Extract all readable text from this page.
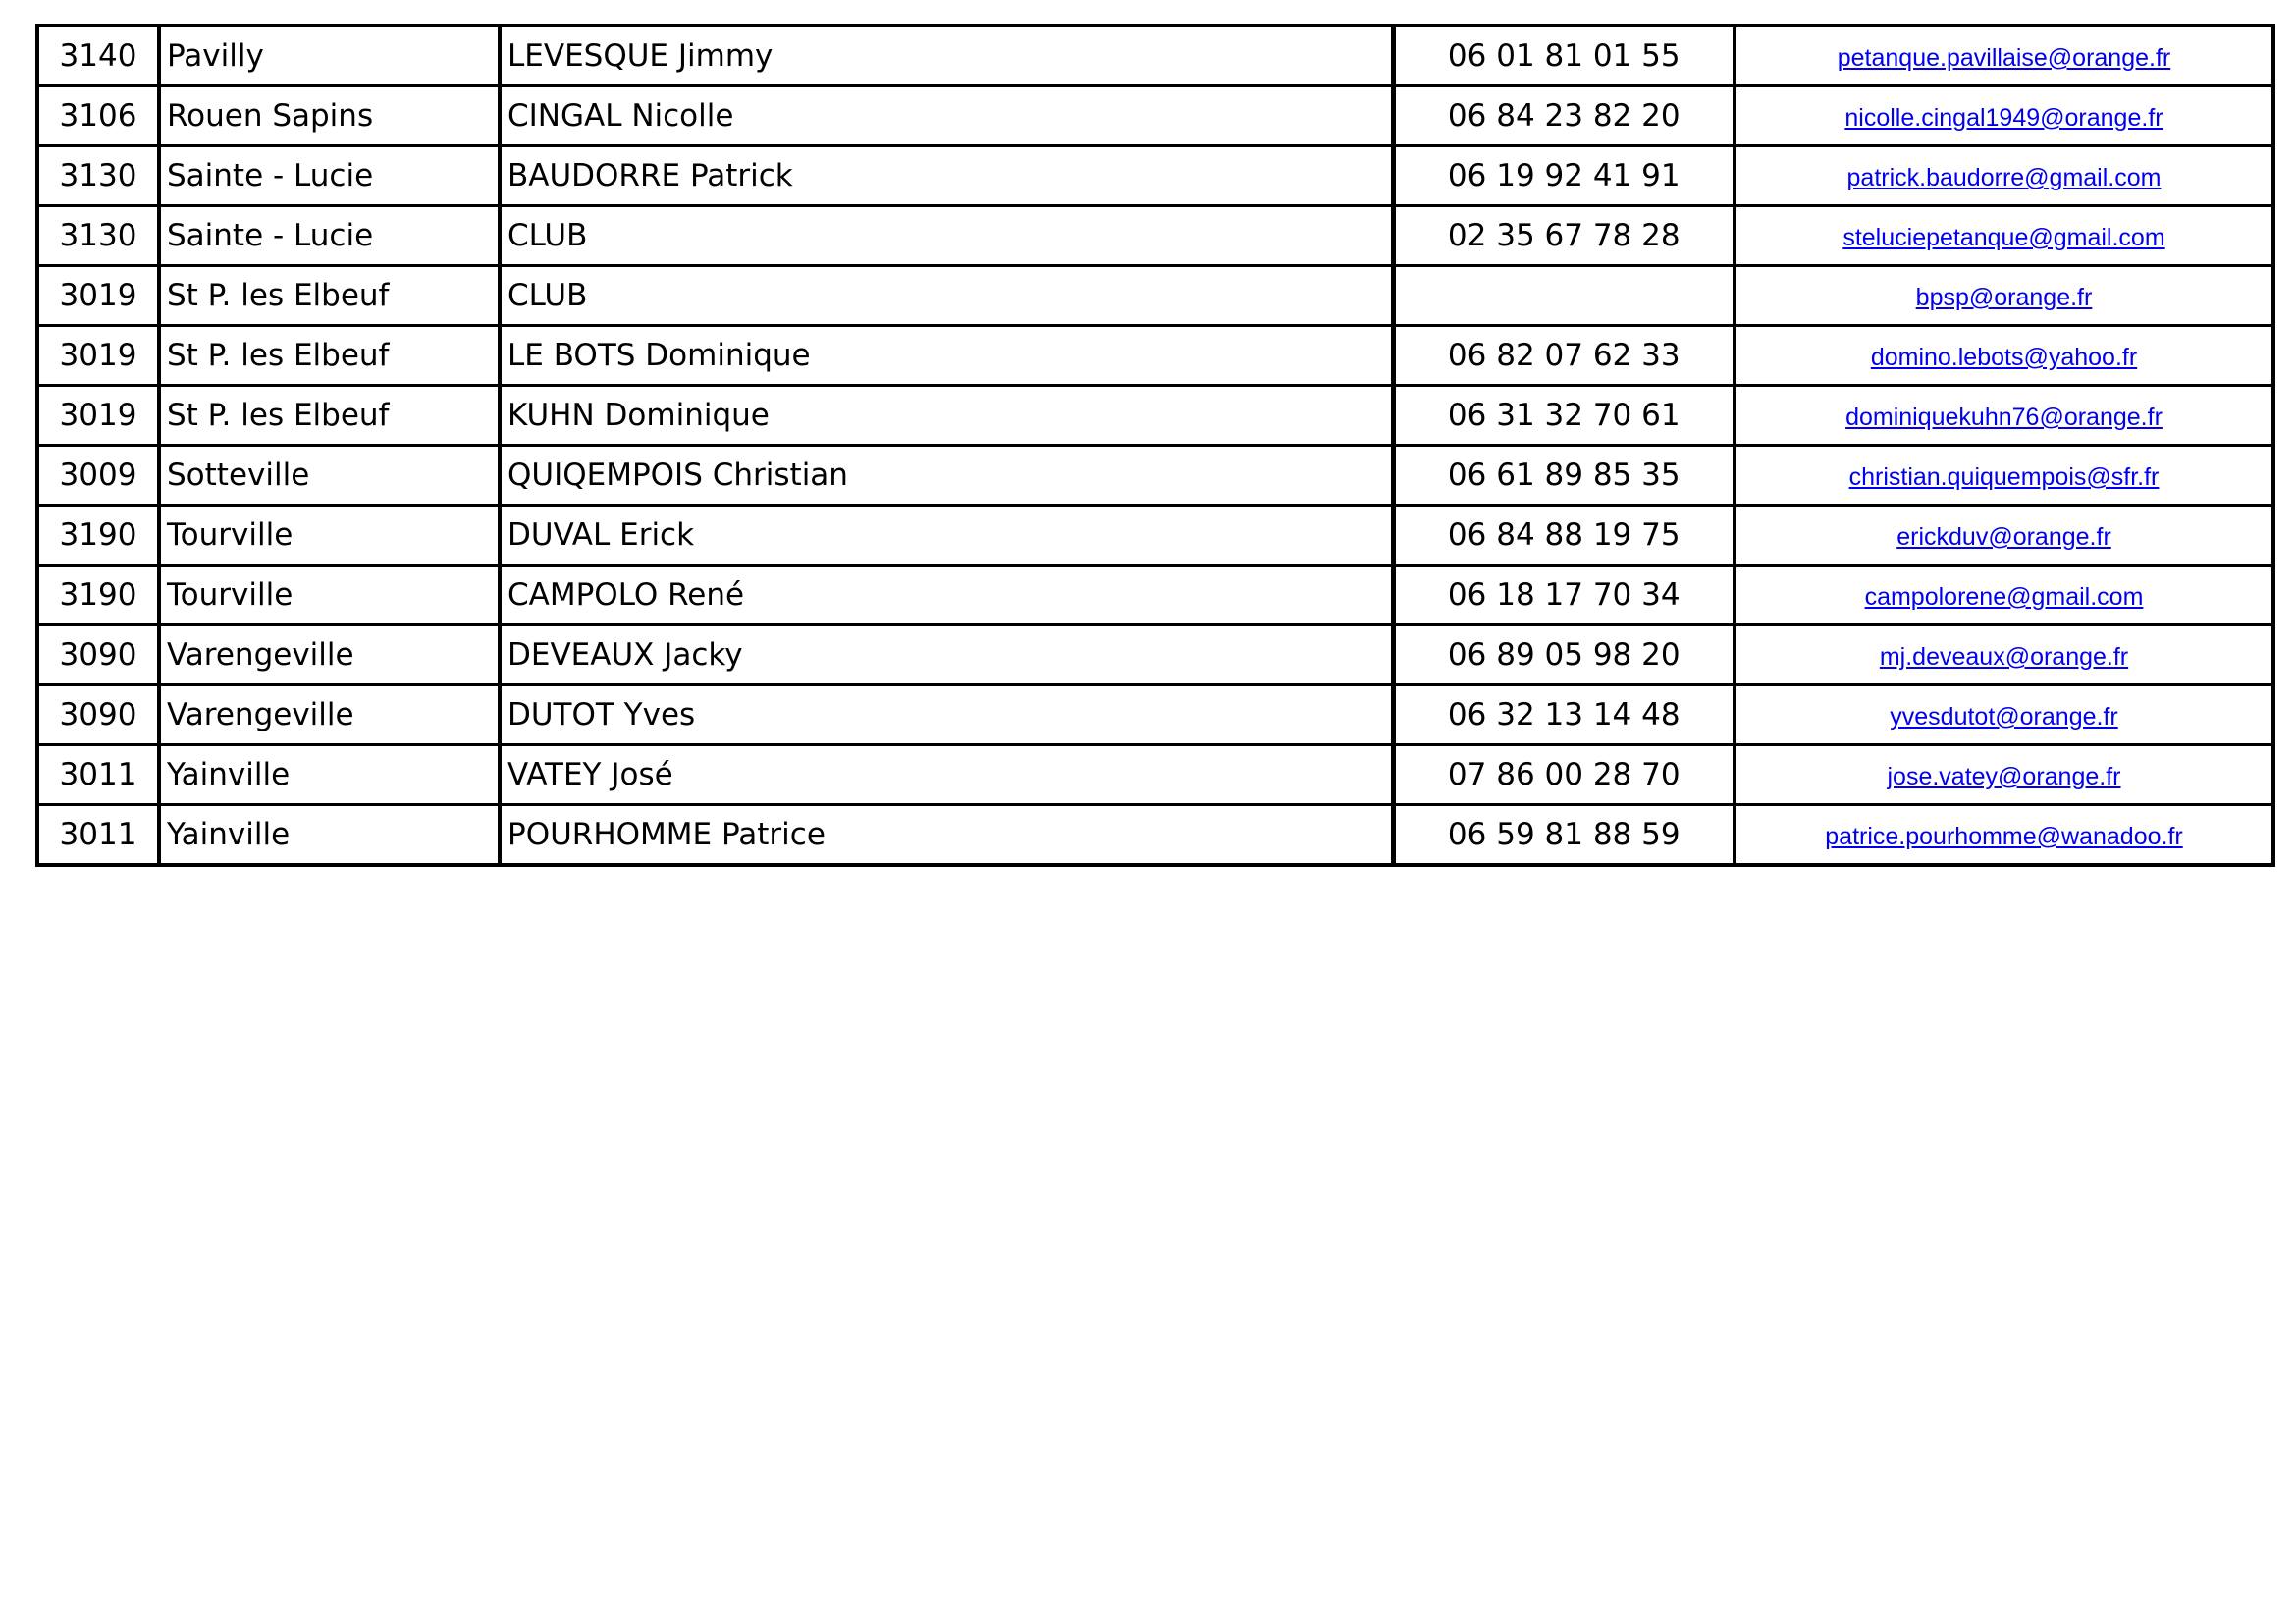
3140	Pavilly	LEVESQUE Jimmy	06 01 81 01 55	petanque.pavillaise@orange.fr
3106	Rouen Sapins	CINGAL Nicolle	06 84 23 82 20	nicolle.cingal1949@orange.fr
3130	Sainte - Lucie	BAUDORRE Patrick	06 19 92 41 91	patrick.baudorre@gmail.com
3130	Sainte - Lucie	CLUB	02 35 67 78 28	steluciepetanque@gmail.com
3019	St P. les Elbeuf	CLUB		bpsp@orange.fr
3019	St P. les Elbeuf	LE BOTS Dominique	06 82 07 62 33	domino.lebots@yahoo.fr
3019	St P. les Elbeuf	KUHN Dominique	06 31 32 70 61	dominiquekuhn76@orange.fr
3009	Sotteville	QUIQEMPOIS Christian	06 61 89 85 35	christian.quiquempois@sfr.fr
3190	Tourville	DUVAL Erick	06 84 88 19 75	erickduv@orange.fr
3190	Tourville	CAMPOLO René	06 18 17 70 34	campolorene@gmail.com
3090	Varengeville	DEVEAUX Jacky	06 89 05 98 20	mj.deveaux@orange.fr
3090	Varengeville	DUTOT Yves	06 32 13 14 48	yvesdutot@orange.fr
3011	Yainville	VATEY José	07 86 00 28 70	jose.vatey@orange.fr
3011	Yainville	POURHOMME Patrice	06 59 81 88 59	patrice.pourhomme@wanadoo.fr
